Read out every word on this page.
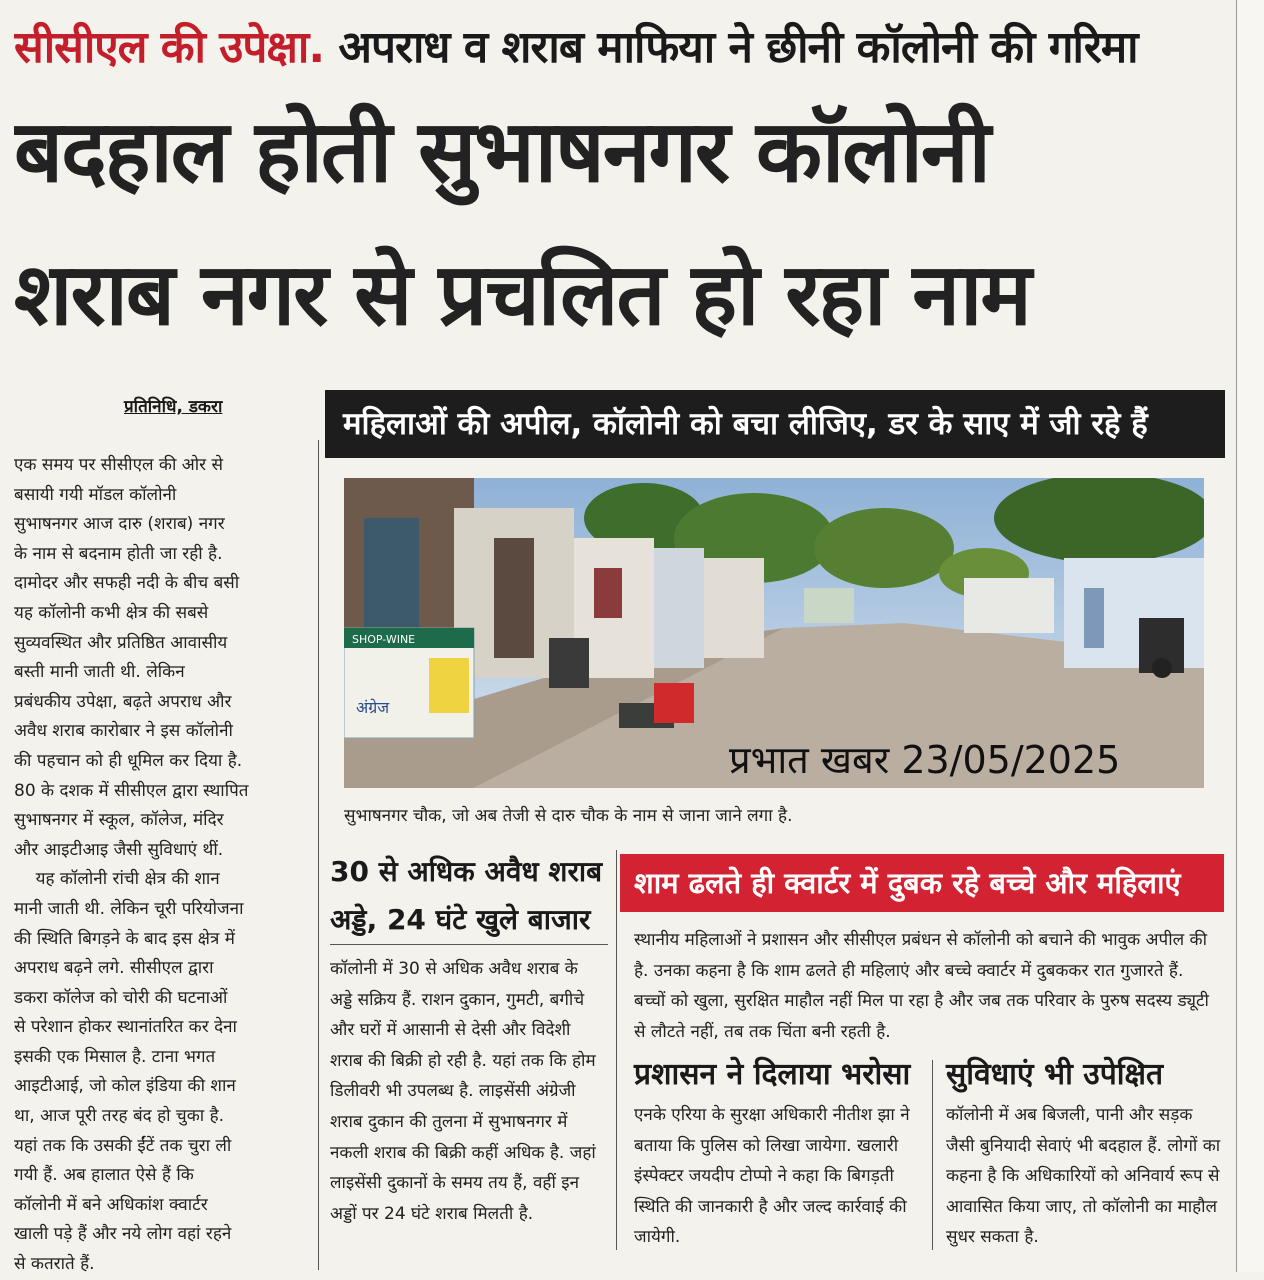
सीसीएल की उपेक्षा. अपराध व शराब माफिया ने छीनी कॉलोनी की गरिमा
बदहाल होती सुभाषनगर कॉलोनी
शराब नगर से प्रचलित हो रहा नाम
प्रतिनिधि, डकरा
एक समय पर सीसीएल की ओर से
बसायी गयी मॉडल कॉलोनी
सुभाषनगर आज दारु (शराब) नगर
के नाम से बदनाम होती जा रही है.
दामोदर और सफही नदी के बीच बसी
यह कॉलोनी कभी क्षेत्र की सबसे
सुव्यवस्थित और प्रतिष्ठित आवासीय
बस्ती मानी जाती थी. लेकिन
प्रबंधकीय उपेक्षा, बढ़ते अपराध और
अवैध शराब कारोबार ने इस कॉलोनी
की पहचान को ही धूमिल कर दिया है.
80 के दशक में सीसीएल द्वारा स्थापित
सुभाषनगर में स्कूल, कॉलेज, मंदिर
और आइटीआइ जैसी सुविधाएं थीं.
यह कॉलोनी रांची क्षेत्र की शान
मानी जाती थी. लेकिन चूरी परियोजना
की स्थिति बिगड़ने के बाद इस क्षेत्र में
अपराध बढ़ने लगे. सीसीएल द्वारा
डकरा कॉलेज को चोरी की घटनाओं
से परेशान होकर स्थानांतरित कर देना
इसकी एक मिसाल है. टाना भगत
आइटीआई, जो कोल इंडिया की शान
था, आज पूरी तरह बंद हो चुका है.
यहां तक कि उसकी ईंटें तक चुरा ली
गयी हैं. अब हालात ऐसे हैं कि
कॉलोनी में बने अधिकांश क्वार्टर
खाली पड़े हैं और नये लोग वहां रहने
से कतराते हैं.
महिलाओं की अपील, कॉलोनी को बचा लीजिए, डर के साए में जी रहे हैं
SHOP-WINE
अंग्रेज
प्रभात खबर 23/05/2025
सुभाषनगर चौक, जो अब तेजी से दारु चौक के नाम से जाना जाने लगा है.
30 से अधिक अवैध शराब अड्डे, 24 घंटे खुले बाजार
शाम ढलते ही क्वार्टर में दुबक रहे बच्चे और महिलाएं
कॉलोनी में 30 से अधिक अवैध शराब के अड्डे सक्रिय हैं. राशन दुकान, गुमटी, बगीचे और घरों में आसानी से देसी और विदेशी शराब की बिक्री हो रही है. यहां तक कि होम डिलीवरी भी उपलब्ध है. लाइसेंसी अंग्रेजी शराब दुकान की तुलना में सुभाषनगर में नकली शराब की बिक्री कहीं अधिक है. जहां लाइसेंसी दुकानों के समय तय हैं, वहीं इन अड्डों पर 24 घंटे शराब मिलती है.
स्थानीय महिलाओं ने प्रशासन और सीसीएल प्रबंधन से कॉलोनी को बचाने की भावुक अपील की है. उनका कहना है कि शाम ढलते ही महिलाएं और बच्चे क्वार्टर में दुबककर रात गुजारते हैं. बच्चों को खुला, सुरक्षित माहौल नहीं मिल पा रहा है और जब तक परिवार के पुरुष सदस्य ड्यूटी से लौटते नहीं, तब तक चिंता बनी रहती है.
प्रशासन ने दिलाया भरोसा सुविधाएं भी उपेक्षित
एनके एरिया के सुरक्षा अधिकारी नीतीश झा ने बताया कि पुलिस को लिखा जायेगा. खलारी इंस्पेक्टर जयदीप टोप्पो ने कहा कि बिगड़ती स्थिति की जानकारी है और जल्द कार्रवाई की जायेगी.
कॉलोनी में अब बिजली, पानी और सड़क जैसी बुनियादी सेवाएं भी बदहाल हैं. लोगों का कहना है कि अधिकारियों को अनिवार्य रूप से आवासित किया जाए, तो कॉलोनी का माहौल सुधर सकता है.
